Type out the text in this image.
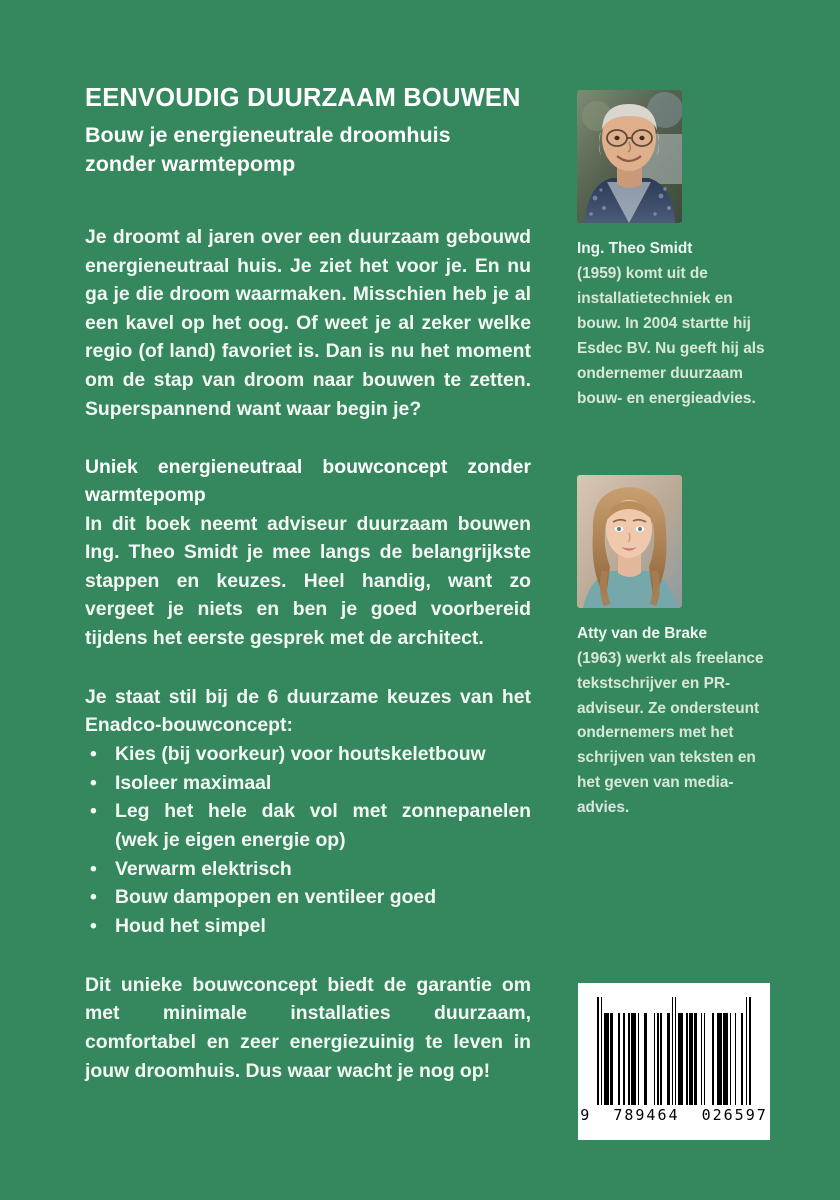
EENVOUDIG DUURZAAM BOUWEN
Bouw je energieneutrale droomhuis
zonder warmtepomp

Je droomt al jaren over een duurzaam gebouwd energieneutraal huis. Je ziet het voor je. En nu ga je die droom waarmaken. Misschien heb je al een kavel op het oog. Of weet je al zeker welke regio (of land) favoriet is. Dan is nu het moment om de stap van droom naar bouwen te zetten. Superspannend want waar begin je?

Uniek energieneutraal bouwconcept zonder
warmtepomp

In dit boek neemt adviseur duurzaam bouwen Ing. Theo Smidt je mee langs de belangrijkste stappen en keuzes. Heel handig, want zo vergeet je niets en ben je goed voorbereid tijdens het eerste gesprek met de architect.

Je staat stil bij de 6 duurzame keuzes van het Enadco-bouwconcept:

• Kies (bij voorkeur) voor houtskeletbouw
• Isoleer maximaal
• Leg het hele dak vol met zonnepanelen
(wek je eigen energie op)
• Verwarm elektrisch
• Bouw dampopen en ventileer goed
• Houd het simpel

Dit unieke bouwconcept biedt de garantie om met minimale installaties duurzaam, comfortabel en zeer energiezuinig te leven in jouw droomhuis. Dus waar wacht je nog op!

Ing. Theo Smidt
(1959) komt uit de installatietechniek en bouw. In 2004 startte hij Esdec BV. Nu geeft hij als ondernemer duurzaam bouw- en energieadvies.
Atty van de Brake
(1963) werkt als freelance tekstschrijver en PR-adviseur. Ze ondersteunt ondernemers met het schrijven van teksten en het geven van media-advies.
9  789464  026597
